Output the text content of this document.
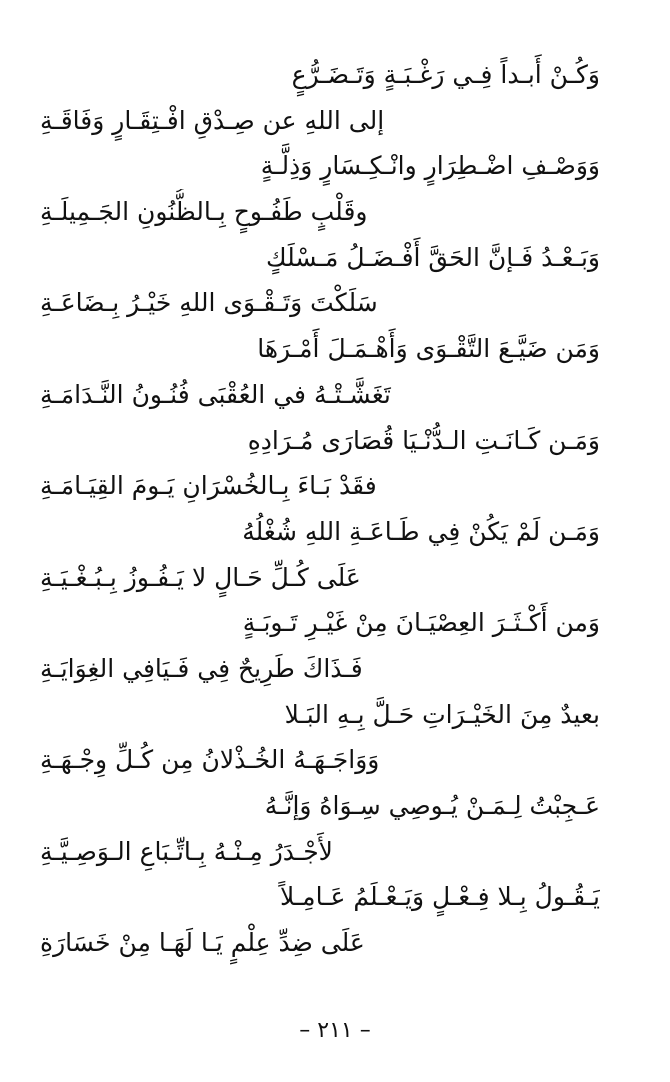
وَكُـنْ أَبـداً فِـي رَغْـبَـةٍ وَتَـضَـرُّعٍ
إلى اللهِ عن صِـدْقِ افْـتِقَـارٍ وَفَاقَـةِ
وَوَصْـفِ اضْـطِرَارٍ وانْـكِـسَارٍ وَذِلَّـةٍ
وقَلْبٍ طَفُـوحٍ بِـالظُّنُونِ الجَـمِيلَـةِ
وَبَـعْـدُ فَـإنَّ الحَقَّ أَفْـضَـلُ مَـسْلَكٍ
سَلَكْتَ وَتَـقْـوَى اللهِ خَيْـرُ بِـضَاعَـةِ
وَمَن ضَيَّـعَ التَّقْـوَى وَأَهْـمَـلَ أَمْـرَهَا
تَغَشَّـتْـهُ في العُقْبَى فُنُـونُ النَّـدَامَـةِ
وَمَـن كَـانَـتِ الـدُّنْـيَا قُصَارَى مُـرَادِهِ
فقَدْ بَـاءَ بِـالخُسْرَانِ يَـومَ القِيَـامَـةِ
وَمَـن لَمْ يَكُنْ فِي طَـاعَـةِ اللهِ شُغْلُهُ
عَلَى كُـلِّ حَـالٍ لا يَـفُـوزُ بِـبُـغْـيَـةِ
وَمن أَكْـثَـرَ العِصْيَـانَ مِنْ غَيْـرِ تَـوبَـةٍ
فَـذَاكَ طَرِيحٌ فِي فَـيَافِي الغِوَايَـةِ
بعيدٌ مِنَ الخَيْـرَاتِ حَـلَّ بِـهِ البَـلا
وَوَاجَـهَـهُ الخُـذْلانُ مِن كُـلِّ وِجْـهَـةِ
عَـجِبْتُ لِـمَـنْ يُـوصِي سِـوَاهُ وَإنَّـهُ
لأَجْـدَرُ مِـنْـهُ بِـاتِّـبَاعِ الـوَصِـيَّـةِ
يَـقُـولُ بِـلا فِـعْـلٍ وَيَـعْـلَمُ عَـامِـلاً
عَلَى ضِدِّ عِلْمٍ يَـا لَهَـا مِنْ خَسَارَةِ
– ٢١١ –
